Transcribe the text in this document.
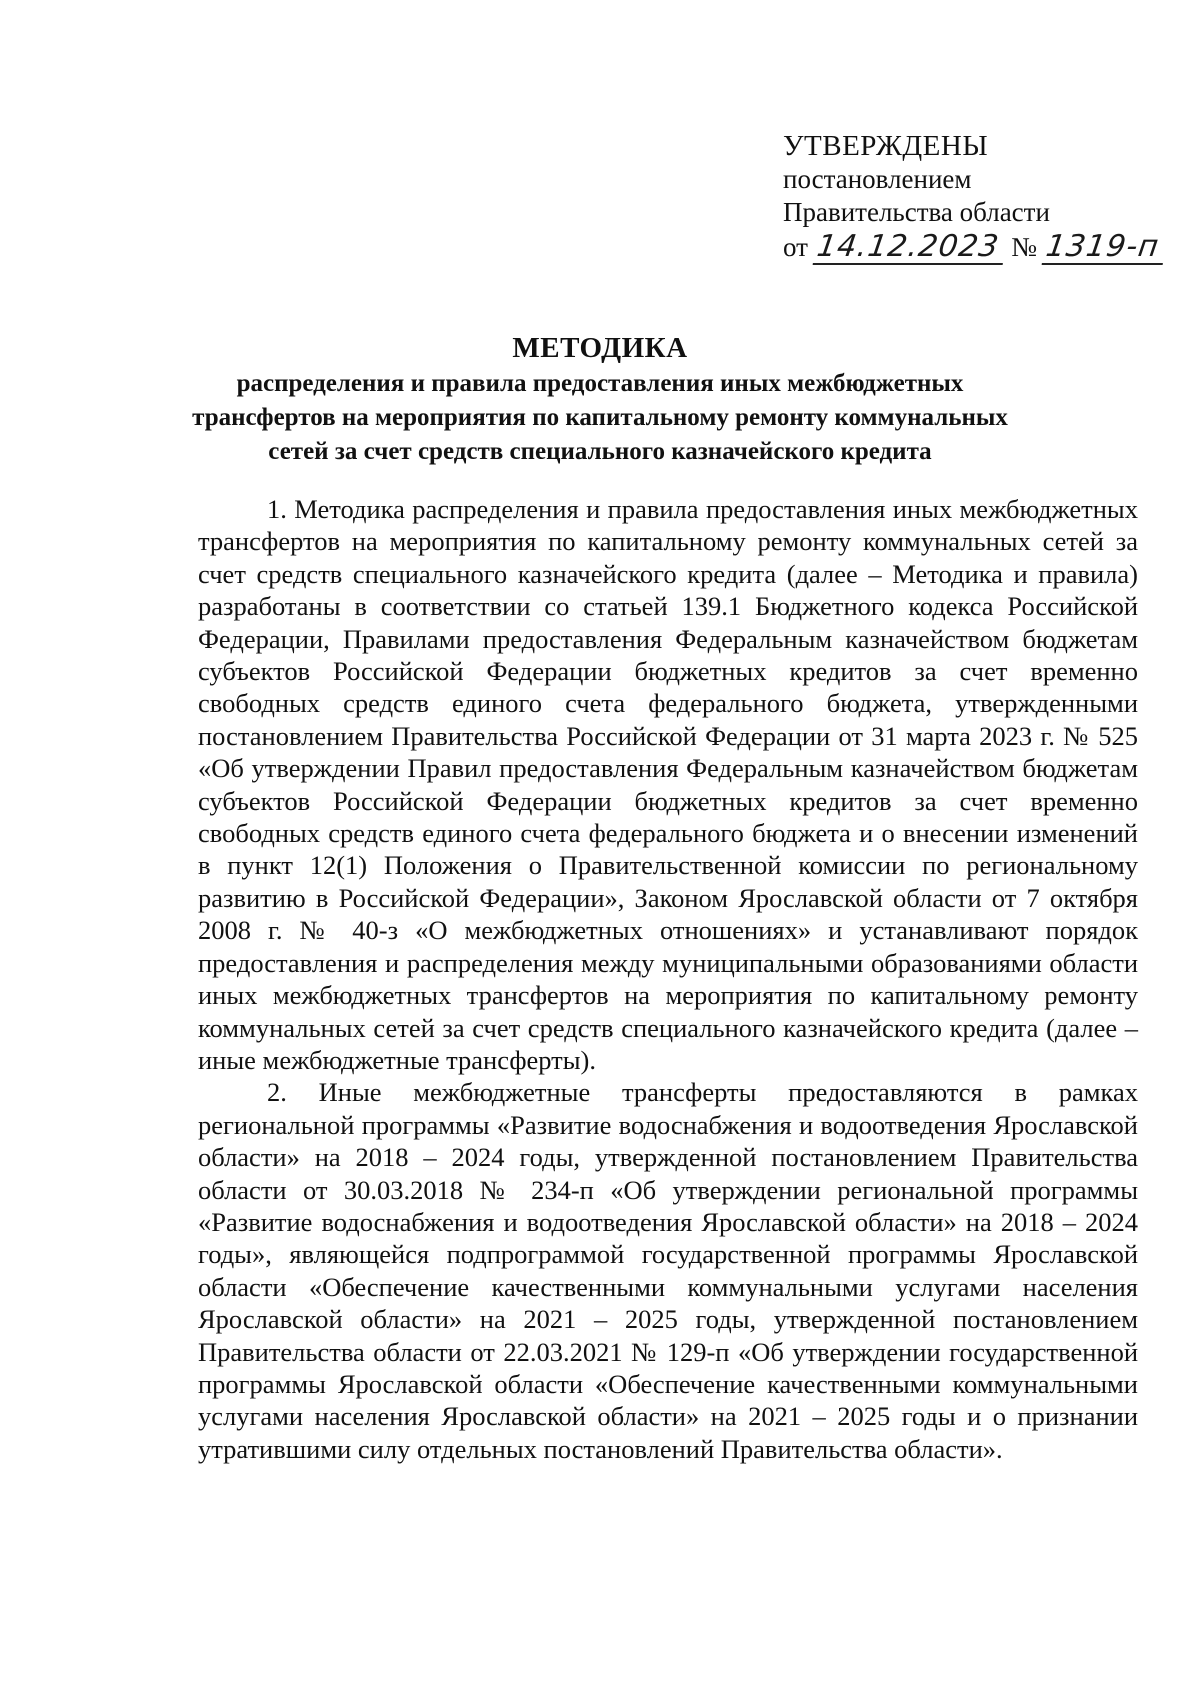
УТВЕРЖДЕНЫ
постановлением
Правительства области
от 14.12.2023 № 1319-п
МЕТОДИКА
распределения и правила предоставления иных межбюджетных
трансфертов на мероприятия по капитальному ремонту коммунальных
сетей за счет средств специального казначейского кредита

1. Методика распределения и правила предоставления иных межбюджетных трансфертов на мероприятия по капитальному ремонту коммунальных сетей за счет средств специального казначейского кредита (далее – Методика и правила) разработаны в соответствии со статьей 139.1 Бюджетного кодекса Российской Федерации, Правилами предоставления Федеральным казначейством бюджетам субъектов Российской Федерации бюджетных кредитов за счет временно свободных средств единого счета федерального бюджета, утвержденными постановлением Правительства Российской Федерации от 31 марта 2023 г. № 525 «Об утверждении Правил предоставления Федеральным казначейством бюджетам субъектов Российской Федерации бюджетных кредитов за счет временно свободных средств единого счета федерального бюджета и о внесении изменений в пункт 12(1) Положения о Правительственной комиссии по региональному развитию в Российской Федерации», Законом Ярославской области от 7 октября 2008 г. № 40-з «О межбюджетных отношениях» и устанавливают порядок предоставления и распределения между муниципальными образованиями области иных межбюджетных трансфертов на мероприятия по капитальному ремонту коммунальных сетей за счет средств специального казначейского кредита (далее – иные межбюджетные трансферты).

2. Иные межбюджетные трансферты предоставляются в рамках региональной программы «Развитие водоснабжения и водоотведения Ярославской области» на 2018 – 2024 годы, утвержденной постановлением Правительства области от 30.03.2018 № 234-п «Об утверждении региональной программы «Развитие водоснабжения и водоотведения Ярославской области» на 2018 – 2024 годы», являющейся подпрограммой государственной программы Ярославской области «Обеспечение качественными коммунальными услугами населения Ярославской области» на 2021 – 2025 годы, утвержденной постановлением Правительства области от 22.03.2021 № 129-п «Об утверждении государственной программы Ярославской области «Обеспечение качественными коммунальными услугами населения Ярославской области» на 2021 – 2025 годы и о признании утратившими силу отдельных постановлений Правительства области».
